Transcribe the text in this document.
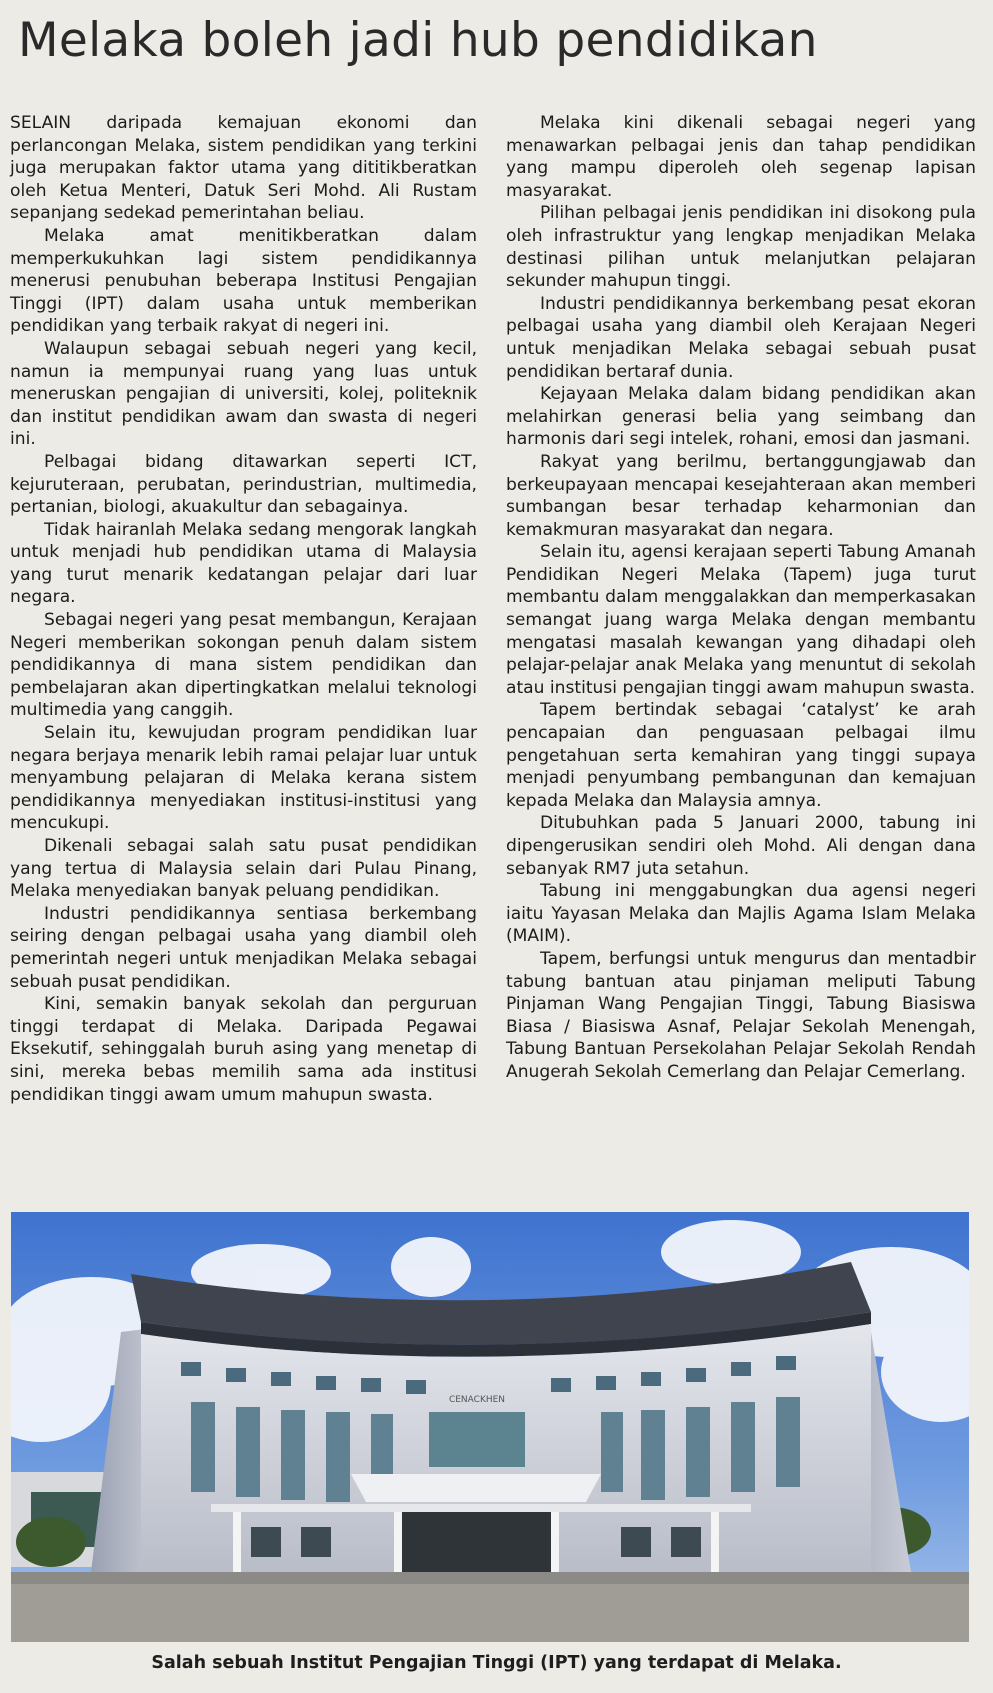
Melaka boleh jadi hub pendidikan

SELAIN daripada kemajuan ekonomi dan perlancongan Melaka, sistem pendidikan yang terkini juga merupakan faktor utama yang dititikberatkan oleh Ketua Menteri, Datuk Seri Mohd. Ali Rustam sepanjang sedekad pemerintahan beliau.

Melaka amat menitikberatkan dalam memperkukuhkan lagi sistem pendidikannya menerusi penubuhan beberapa Institusi Pengajian Tinggi (IPT) dalam usaha untuk memberikan pendidikan yang terbaik rakyat di negeri ini.

Walaupun sebagai sebuah negeri yang kecil, namun ia mempunyai ruang yang luas untuk meneruskan pengajian di universiti, kolej, politeknik dan institut pendidikan awam dan swasta di negeri ini.

Pelbagai bidang ditawarkan seperti ICT, kejuruteraan, perubatan, perindustrian, multimedia, pertanian, biologi, akuakultur dan sebagainya.

Tidak hairanlah Melaka sedang mengorak langkah untuk menjadi hub pendidikan utama di Malaysia yang turut menarik kedatangan pelajar dari luar negara.

Sebagai negeri yang pesat membangun, Kerajaan Negeri memberikan sokongan penuh dalam sistem pendidikannya di mana sistem pendidikan dan pembelajaran akan dipertingkatkan melalui teknologi multimedia yang canggih.

Selain itu, kewujudan program pendidikan luar negara berjaya menarik lebih ramai pelajar luar untuk menyambung pelajaran di Melaka kerana sistem pendidikannya menyediakan institusi-institusi yang mencukupi.

Dikenali sebagai salah satu pusat pendidikan yang tertua di Malaysia selain dari Pulau Pinang, Melaka menyediakan banyak peluang pendidikan.

Industri pendidikannya sentiasa berkembang seiring dengan pelbagai usaha yang diambil oleh pemerintah negeri untuk menjadikan Melaka sebagai sebuah pusat pendidikan.

Kini, semakin banyak sekolah dan perguruan tinggi terdapat di Melaka. Daripada Pegawai Eksekutif, sehinggalah buruh asing yang menetap di sini, mereka bebas memilih sama ada institusi pendidikan tinggi awam umum mahupun swasta.

Melaka kini dikenali sebagai negeri yang menawarkan pelbagai jenis dan tahap pendidikan yang mampu diperoleh oleh segenap lapisan masyarakat.

Pilihan pelbagai jenis pendidikan ini disokong pula oleh infrastruktur yang lengkap menjadikan Melaka destinasi pilihan untuk melanjutkan pelajaran sekunder mahupun tinggi.

Industri pendidikannya berkembang pesat ekoran pelbagai usaha yang diambil oleh Kerajaan Negeri untuk menjadikan Melaka sebagai sebuah pusat pendidikan bertaraf dunia.

Kejayaan Melaka dalam bidang pendidikan akan melahirkan generasi belia yang seimbang dan harmonis dari segi intelek, rohani, emosi dan jasmani.

Rakyat yang berilmu, bertanggungjawab dan berkeupayaan mencapai kesejahteraan akan memberi sumbangan besar terhadap keharmonian dan kemakmuran masyarakat dan negara.

Selain itu, agensi kerajaan seperti Tabung Amanah Pendidikan Negeri Melaka (Tapem) juga turut membantu dalam menggalakkan dan memperkasakan semangat juang warga Melaka dengan membantu mengatasi masalah kewangan yang dihadapi oleh pelajar-pelajar anak Melaka yang menuntut di sekolah atau institusi pengajian tinggi awam mahupun swasta.

Tapem bertindak sebagai ‘catalyst’ ke arah pencapaian dan penguasaan pelbagai ilmu pengetahuan serta kemahiran yang tinggi supaya menjadi penyumbang pembangunan dan kemajuan kepada Melaka dan Malaysia amnya.

Ditubuhkan pada 5 Januari 2000, tabung ini dipengerusikan sendiri oleh Mohd. Ali dengan dana sebanyak RM7 juta setahun.

Tabung ini menggabungkan dua agensi negeri iaitu Yayasan Melaka dan Majlis Agama Islam Melaka (MAIM).

Tapem, berfungsi untuk mengurus dan mentadbir tabung bantuan atau pinjaman meliputi Tabung Pinjaman Wang Pengajian Tinggi, Tabung Biasiswa Biasa / Biasiswa Asnaf, Pelajar Sekolah Menengah, Tabung Bantuan Persekolahan Pelajar Sekolah Rendah Anugerah Sekolah Cemerlang dan Pelajar Cemerlang.

CENACKHEN
Salah sebuah Institut Pengajian Tinggi (IPT) yang terdapat di Melaka.
